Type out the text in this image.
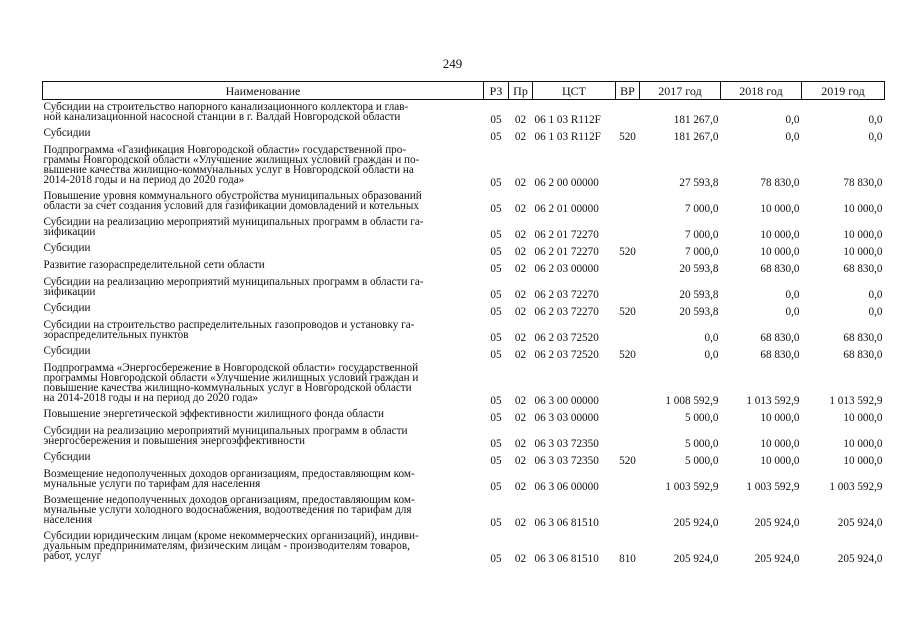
249
Наименование	РЗ	Пр	ЦСТ	ВР	2017 год	2018 год	2019 год

Субсидии на строительство напорного канализационного коллектора и глав-
ной канализационной насосной станции в г. Валдай Новгородской области	05	02	06 1 03 R112F		181 267,0	0,0	0,0

Субсидии	05	02	06 1 03 R112F	520	181 267,0	0,0	0,0

Подпрограмма «Газификация Новгородской области» государственной про-
граммы Новгородской области «Улучшение жилищных условий граждан и по-
вышение качества жилищно-коммунальных услуг в Новгородской области на
2014-2018 годы и на период до 2020 года»	05	02	06 2 00 00000		27 593,8	78 830,0	78 830,0

Повышение уровня коммунального обустройства муниципальных образований
области за счет создания условий для газификации домовладений и котельных	05	02	06 2 01 00000		7 000,0	10 000,0	10 000,0

Субсидии на реализацию мероприятий муниципальных программ в области га-
зификации	05	02	06 2 01 72270		7 000,0	10 000,0	10 000,0

Субсидии	05	02	06 2 01 72270	520	7 000,0	10 000,0	10 000,0

Развитие газораспределительной сети области	05	02	06 2 03 00000		20 593,8	68 830,0	68 830,0

Субсидии на реализацию мероприятий муниципальных программ в области га-
зификации	05	02	06 2 03 72270		20 593,8	0,0	0,0

Субсидии	05	02	06 2 03 72270	520	20 593,8	0,0	0,0

Субсидии на строительство распределительных газопроводов и установку га-
зораспределительных пунктов	05	02	06 2 03 72520		0,0	68 830,0	68 830,0

Субсидии	05	02	06 2 03 72520	520	0,0	68 830,0	68 830,0

Подпрограмма «Энергосбережение в Новгородской области» государственной
программы Новгородской области «Улучшение жилищных условий граждан и
повышение качества жилищно-коммунальных услуг в Новгородской области
на 2014-2018 годы и на период до 2020 года»	05	02	06 3 00 00000		1 008 592,9	1 013 592,9	1 013 592,9

Повышение энергетической эффективности жилищного фонда области	05	02	06 3 03 00000		5 000,0	10 000,0	10 000,0

Субсидии на реализацию мероприятий муниципальных программ в области
энергосбережения и повышения энергоэффективности	05	02	06 3 03 72350		5 000,0	10 000,0	10 000,0

Субсидии	05	02	06 3 03 72350	520	5 000,0	10 000,0	10 000,0

Возмещение недополученных доходов организациям, предоставляющим ком-
мунальные услуги по тарифам для населения	05	02	06 3 06 00000		1 003 592,9	1 003 592,9	1 003 592,9

Возмещение недополученных доходов организациям, предоставляющим ком-
мунальные услуги холодного водоснабжения, водоотведения по тарифам для
населения	05	02	06 3 06 81510		205 924,0	205 924,0	205 924,0

Субсидии юридическим лицам (кроме некоммерческих организаций), индиви-
дуальным предпринимателям, физическим лицам - производителям товаров,
работ, услуг	05	02	06 3 06 81510	810	205 924,0	205 924,0	205 924,0
